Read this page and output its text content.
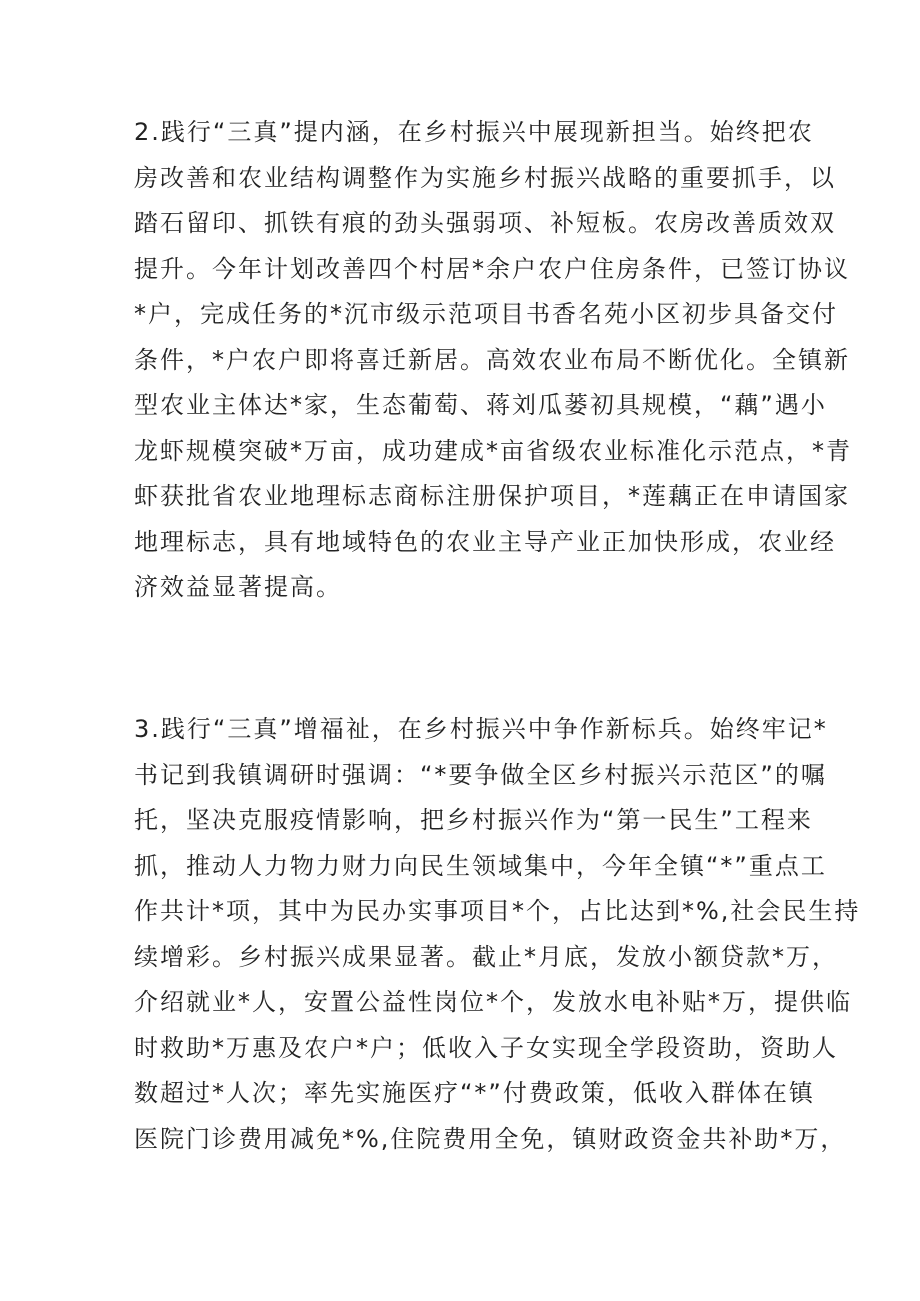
2.践行“三真”提内涵，在乡村振兴中展现新担当。始终把农
房改善和农业结构调整作为实施乡村振兴战略的重要抓手，以
踏石留印、抓铁有痕的劲头强弱项、补短板。农房改善质效双
提升。今年计划改善四个村居*余户农户住房条件，已签订协议
*户，完成任务的*沉市级示范项目书香名苑小区初步具备交付
条件，*户农户即将喜迁新居。高效农业布局不断优化。全镇新
型农业主体达*家，生态葡萄、蒋刘瓜蒌初具规模，“藕”遇小
龙虾规模突破*万亩，成功建成*亩省级农业标准化示范点，*青
虾获批省农业地理标志商标注册保护项目，*莲藕正在申请国家
地理标志，具有地域特色的农业主导产业正加快形成，农业经
济效益显著提高。
3.践行“三真”增福祉，在乡村振兴中争作新标兵。始终牢记*
书记到我镇调研时强调：“*要争做全区乡村振兴示范区”的嘱
托，坚决克服疫情影响，把乡村振兴作为“第一民生”工程来
抓，推动人力物力财力向民生领域集中，今年全镇“*”重点工
作共计*项，其中为民办实事项目*个，占比达到*%,社会民生持
续增彩。乡村振兴成果显著。截止*月底，发放小额贷款*万，
介绍就业*人，安置公益性岗位*个，发放水电补贴*万，提供临
时救助*万惠及农户*户；低收入子女实现全学段资助，资助人
数超过*人次；率先实施医疗“*”付费政策，低收入群体在镇
医院门诊费用减免*%,住院费用全免，镇财政资金共补助*万，
